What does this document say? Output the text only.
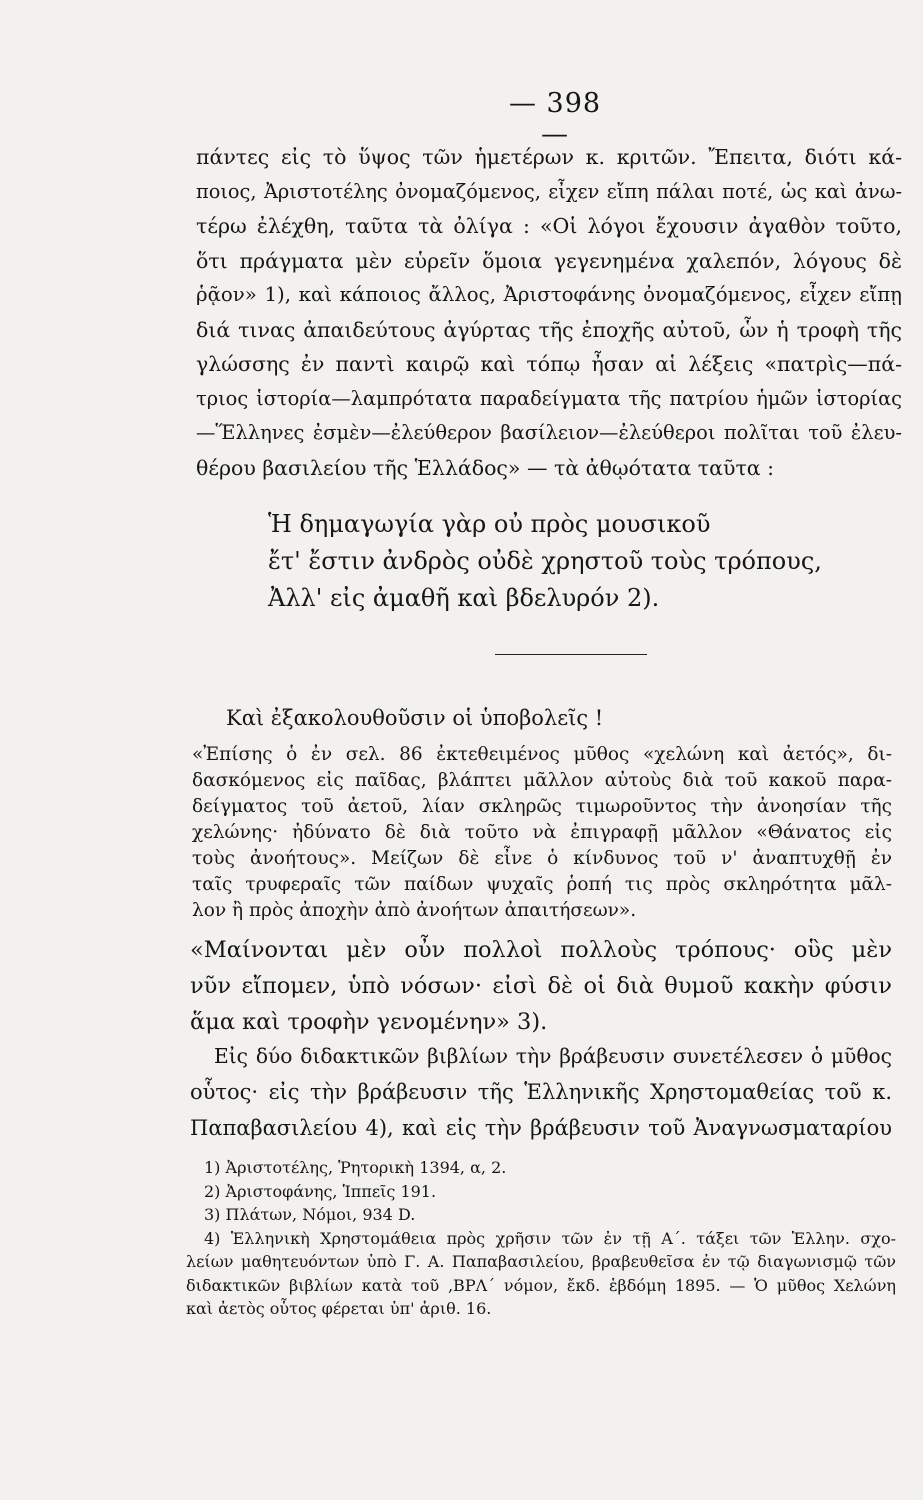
— 398 —
πάντες εἰς τὸ ὕψος τῶν ἡμετέρων κ. κριτῶν. Ἔπειτα, διότι κά-
ποιος, Ἀριστοτέλης ὀνομαζόμενος, εἶχεν εἴπη πάλαι ποτέ, ὡς καὶ ἀνω-
τέρω ἐλέχθη, ταῦτα τὰ ὀλίγα : «Οἱ λόγοι ἔχουσιν ἀγαθὸν τοῦτο,
ὅτι πράγματα μὲν εὑρεῖν ὅμοια γεγενημένα χαλεπόν, λόγους δὲ
ῥᾷον» 1), καὶ κάποιος ἄλλος, Ἀριστοφάνης ὀνομαζόμενος, εἶχεν εἴπῃ
διά τινας ἀπαιδεύτους ἀγύρτας τῆς ἐποχῆς αὐτοῦ, ὧν ἡ τροφὴ τῆς
γλώσσης ἐν παντὶ καιρῷ καὶ τόπῳ ἦσαν αἱ λέξεις «πατρὶς—πά-
τριος ἱστορία—λαμπρότατα παραδείγματα τῆς πατρίου ἡμῶν ἱστορίας
—Ἕλληνες ἐσμὲν—ἐλεύθερον βασίλειον—ἐλεύθεροι πολῖται τοῦ ἐλευ-
θέρου βασιλείου τῆς Ἑλλάδος» — τὰ ἀθῳότατα ταῦτα :
Ἡ δημαγωγία γὰρ οὐ πρὸς μουσικοῦ
ἔτ' ἔστιν ἀνδρὸς οὐδὲ χρηστοῦ τοὺς τρόπους,
Ἀλλ' εἰς ἀμαθῆ καὶ βδελυρόν 2).
Καὶ ἐξακολουθοῦσιν οἱ ὑποβολεῖς !
«Ἐπίσης ὁ ἐν σελ. 86 ἐκτεθειμένος μῦθος «χελώνη καὶ ἀετός», δι-
δασκόμενος εἰς παῖδας, βλάπτει μᾶλλον αὐτοὺς διὰ τοῦ κακοῦ παρα-
δείγματος τοῦ ἀετοῦ, λίαν σκληρῶς τιμωροῦντος τὴν ἀνοησίαν τῆς
χελώνης· ἠδύνατο δὲ διὰ τοῦτο νὰ ἐπιγραφῇ μᾶλλον «Θάνατος εἰς
τοὺς ἀνοήτους». Μείζων δὲ εἶνε ὁ κίνδυνος τοῦ ν' ἀναπτυχθῇ ἐν
ταῖς τρυφεραῖς τῶν παίδων ψυχαῖς ῥοπή τις πρὸς σκληρότητα μᾶλ-
λον ἢ πρὸς ἀποχὴν ἀπὸ ἀνοήτων ἀπαιτήσεων».
«Μαίνονται μὲν οὖν πολλοὶ πολλοὺς τρόπους· οὓς μὲν
νῦν εἴπομεν, ὑπὸ νόσων· εἰσὶ δὲ οἱ διὰ θυμοῦ κακὴν φύσιν
ἅμα καὶ τροφὴν γενομένην» 3).
Εἰς δύο διδακτικῶν βιβλίων τὴν βράβευσιν συνετέλεσεν ὁ μῦθος
οὗτος· εἰς τὴν βράβευσιν τῆς Ἑλληνικῆς Χρηστομαθείας τοῦ κ.
Παπαβασιλείου 4), καὶ εἰς τὴν βράβευσιν τοῦ Ἀναγνωσματαρίου
1) Ἀριστοτέλης, Ῥητορικὴ 1394, α, 2.
2) Ἀριστοφάνης, Ἱππεῖς 191.
3) Πλάτων, Νόμοι, 934 D.
4) Ἑλληνικὴ Χρηστομάθεια πρὸς χρῆσιν τῶν ἐν τῇ Α΄. τάξει τῶν Ἑλλην. σχο-
λείων μαθητευόντων ὑπὸ Γ. Α. Παπαβασιλείου, βραβευθεῖσα ἐν τῷ διαγωνισμῷ τῶν
διδακτικῶν βιβλίων κατὰ τοῦ ‚ΒΡΛ΄ νόμον, ἔκδ. ἑβδόμη 1895. — Ὁ μῦθος Χελώνη
καὶ ἀετὸς οὗτος φέρεται ὑπ' ἀριθ. 16.
